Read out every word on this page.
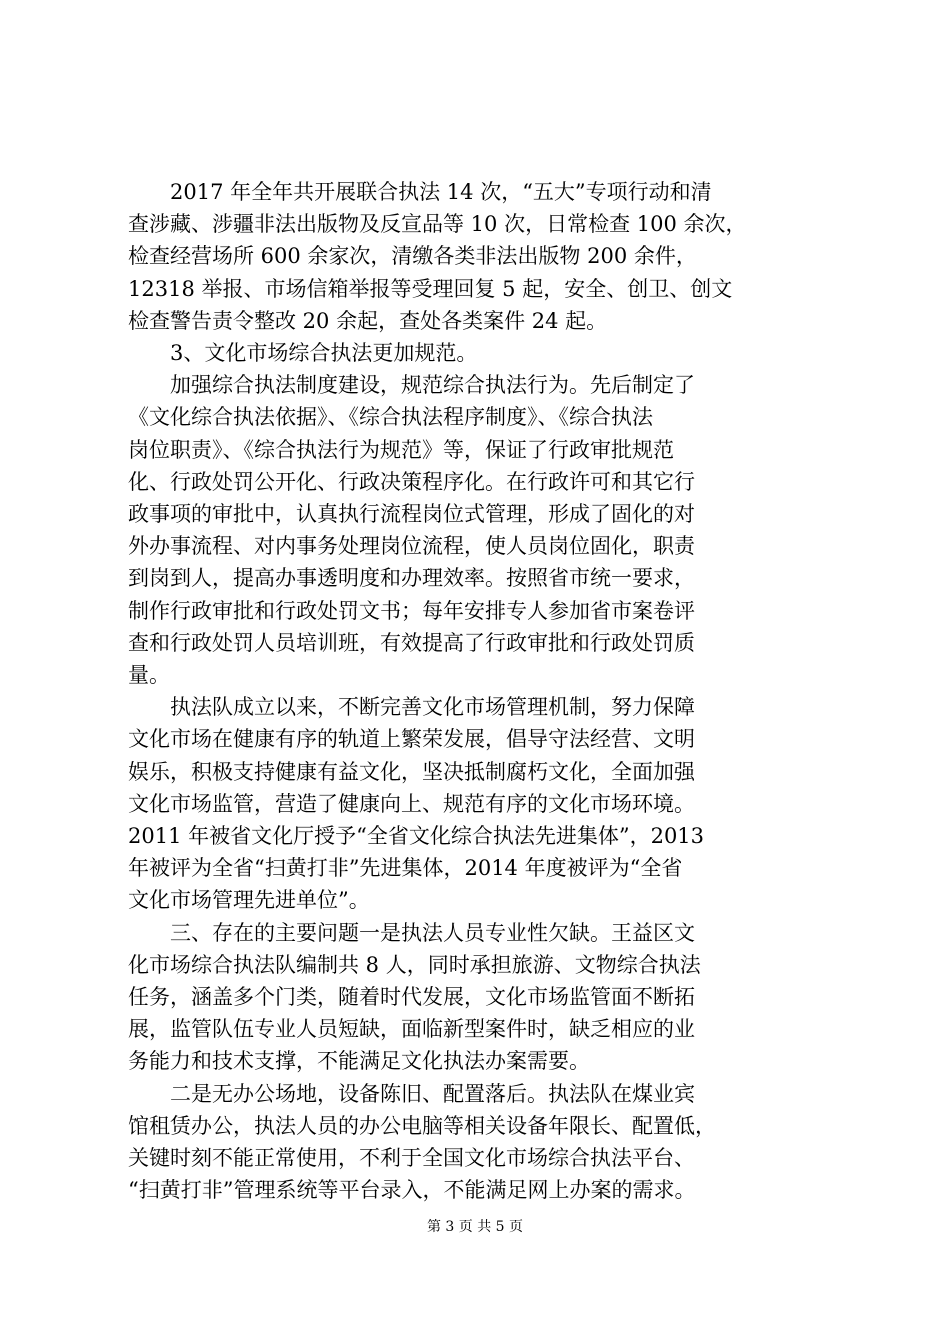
　　2017 年全年共开展联合执法 14 次，“五大”专项行动和清

查涉藏、涉疆非法出版物及反宣品等 10 次，日常检查 100 余次，

检查经营场所 600 余家次，清缴各类非法出版物 200 余件，

12318 举报、市场信箱举报等受理回复 5 起，安全、创卫、创文

检查警告责令整改 20 余起，查处各类案件 24 起。

　　3、文化市场综合执法更加规范。

　　加强综合执法制度建设，规范综合执法行为。先后制定了

《文化综合执法依据》、《综合执法程序制度》、《综合执法

岗位职责》、《综合执法行为规范》等，保证了行政审批规范

化、行政处罚公开化、行政决策程序化。在行政许可和其它行

政事项的审批中，认真执行流程岗位式管理，形成了固化的对

外办事流程、对内事务处理岗位流程，使人员岗位固化，职责

到岗到人，提高办事透明度和办理效率。按照省市统一要求，

制作行政审批和行政处罚文书；每年安排专人参加省市案卷评

查和行政处罚人员培训班，有效提高了行政审批和行政处罚质

量。

　　执法队成立以来，不断完善文化市场管理机制，努力保障

文化市场在健康有序的轨道上繁荣发展，倡导守法经营、文明

娱乐，积极支持健康有益文化，坚决抵制腐朽文化，全面加强

文化市场监管，营造了健康向上、规范有序的文化市场环境。

2011 年被省文化厅授予“全省文化综合执法先进集体”，2013

年被评为全省“扫黄打非”先进集体，2014 年度被评为“全省

文化市场管理先进单位”。

　　三、存在的主要问题一是执法人员专业性欠缺。王益区文

化市场综合执法队编制共 8 人，同时承担旅游、文物综合执法

任务，涵盖多个门类，随着时代发展，文化市场监管面不断拓

展，监管队伍专业人员短缺，面临新型案件时，缺乏相应的业

务能力和技术支撑，不能满足文化执法办案需要。

　　二是无办公场地，设备陈旧、配置落后。执法队在煤业宾

馆租赁办公，执法人员的办公电脑等相关设备年限长、配置低，

关键时刻不能正常使用，不利于全国文化市场综合执法平台、

“扫黄打非”管理系统等平台录入，不能满足网上办案的需求。

第 3 页 共 5 页
